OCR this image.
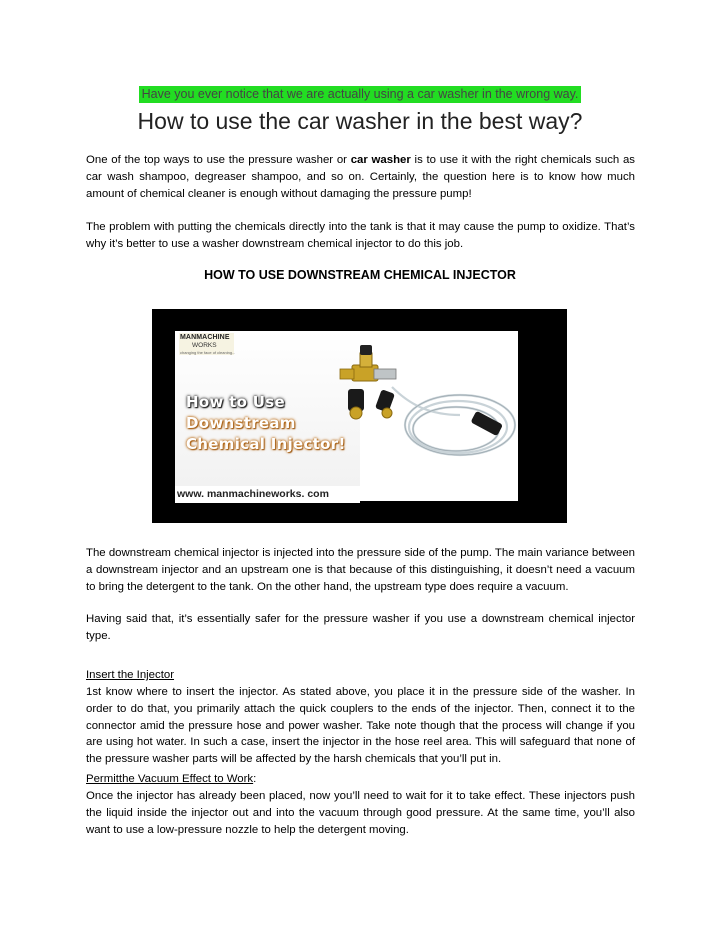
Have you ever notice that we are actually using a car washer in the wrong way.
How to use the car washer in the best way?

One of the top ways to use the pressure washer or car washer is to use it with the right chemicals such as car wash shampoo, degreaser shampoo, and so on. Certainly, the question here is to know how much amount of chemical cleaner is enough without damaging the pressure pump!

The problem with putting the chemicals directly into the tank is that it may cause the pump to oxidize. That’s why it’s better to use a washer downstream chemical injector to do this job.

HOW TO USE DOWNSTREAM CHEMICAL INJECTOR
MANMACHINE
WORKS
changing the face of cleaning...
How to Use
Downstream
Chemical Injector!
www. manmachineworks. com

The downstream chemical injector is injected into the pressure side of the pump. The main variance between a downstream injector and an upstream one is that because of this distinguishing, it doesn’t need a vacuum to bring the detergent to the tank. On the other hand, the upstream type does require a vacuum.

Having said that, it’s essentially safer for the pressure washer if you use a downstream chemical injector type.

Insert the Injector

1st know where to insert the injector. As stated above, you place it in the pressure side of the washer. In order to do that, you primarily attach the quick couplers to the ends of the injector. Then, connect it to the connector amid the pressure hose and power washer. Take note though that the process will change if you are using hot water. In such a case, insert the injector in the hose reel area. This will safeguard that none of the pressure washer parts will be affected by the harsh chemicals that you’ll put in.

Permitthe Vacuum Effect to Work:

Once the injector has already been placed, now you’ll need to wait for it to take effect. These injectors push the liquid inside the injector out and into the vacuum through good pressure. At the same time, you’ll also want to use a low-pressure nozzle to help the detergent moving.
